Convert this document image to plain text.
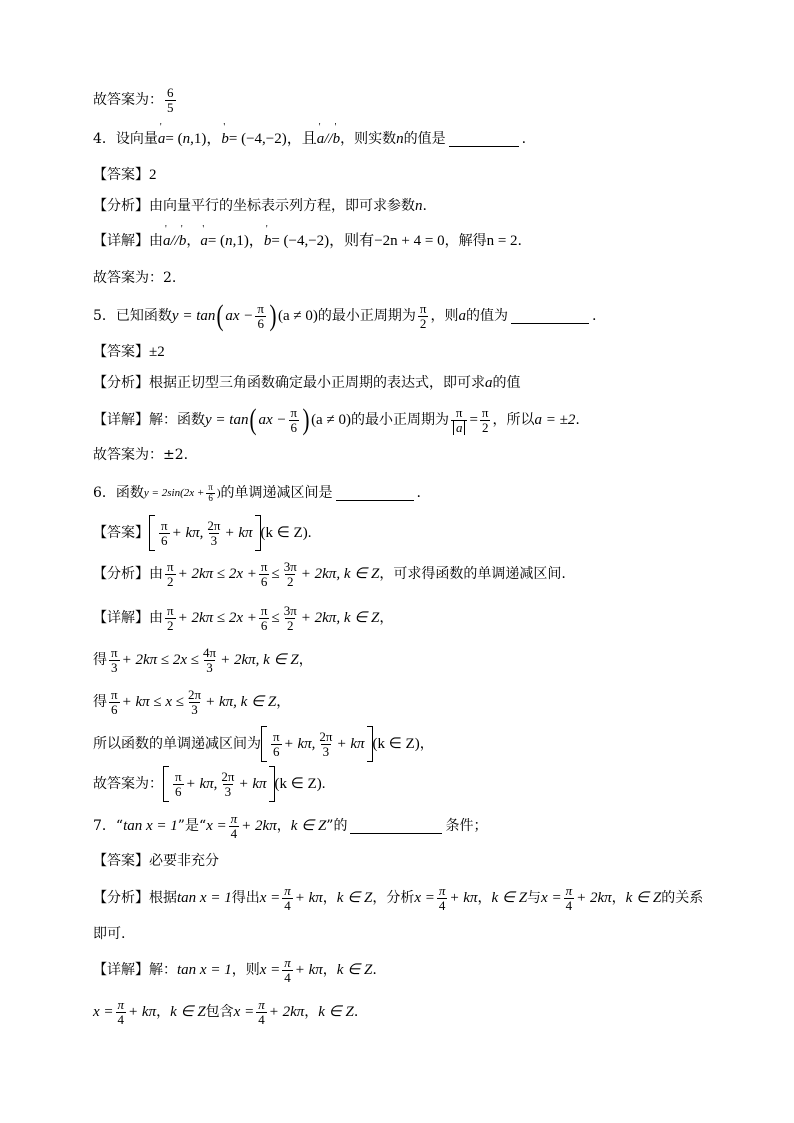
故答案为： 6
5
4． 设向量 ' a = ( n ,1)， ' b = (−4,−2)，且 ' a // ' b ，则实数 n 的值是	.
【答案】 2
【分析】 由向量平行的坐标表示列方程，即可求参数 n .
【详解】 由 ' a // ' b ， ' a = ( n ,1)， ' b = (−4,−2)，则有 −2n + 4 = 0 ，解得 n = 2 .
故答案为：2.
5． 已知函数 y = tan ( ax − $\frac{\pi}{6}$ ) (a ≠ 0) 的最小正周期为 π
2 ，则 a 的值为	.
【答案】 ±2
【分析】 根据正切型三角函数确定最小正周期的表达式，即可求 a 的值
【详解】 解：函数 y = tan ( ax − $\frac{\pi}{6}$ ) (a ≠ 0) 的最小正周期为 $\frac{\pi}{a} = \frac{\pi}{2}$ ，所以 a = ±2 .
故答案为：±2.
6． 函数 y = 2sin ($2x + \frac{\pi}{6}$ ) 的单调递减区间是	.
【答案】 π
6 + kπ, 2π
3 + kπ (k ∈ Z).
【分析】 由 π
$2 + 2k\pi \le 2x + \frac{\pi}{6} \le \frac{3\pi}{2} + 2k\pi$, k ∈ Z ，可求得函数的单调递减区间.
【详解】 由 π
$2 + 2k\pi \le 2x + \frac{\pi}{6} \le \frac{3\pi}{2} + 2k\pi$, k ∈ Z ，
得 π
$3 + 2k\pi \le 2x \le \frac{4\pi}{3} + 2k\pi$, k ∈ Z ，
得 π
$6 + k\pi \le x \le \frac{2\pi}{3} + k\pi$, k ∈ Z ，
所以函数的单调递减区间为 π
6 + kπ, 2π
3 + kπ (k ∈ Z) ，
故答案为： π
6 + kπ, 2π
3 + kπ (k ∈ Z).
7． “ tan x = 1 ”是“ $x = \frac{\pi}{4} + 2k\pi$ ， k ∈ Z ”的	条件；
【答案】 必要非充分
【分析】 根据 tan x = 1 得出 $x = \frac{\pi}{4} + k\pi$ ， k ∈ Z ，分析 $x = \frac{\pi}{4} + k\pi$ ， k ∈ Z 与 $x = \frac{\pi}{4} + 2k\pi$ ， k ∈ Z 的关系
即可.
【详解】 解： tan x = 1 ，则 $x = \frac{\pi}{4} + k\pi$ ， k ∈ Z .
$x = \frac{\pi}{4} + k\pi$ ， k ∈ Z 包含 $x = \frac{\pi}{4} + 2k\pi$ ， k ∈ Z .
